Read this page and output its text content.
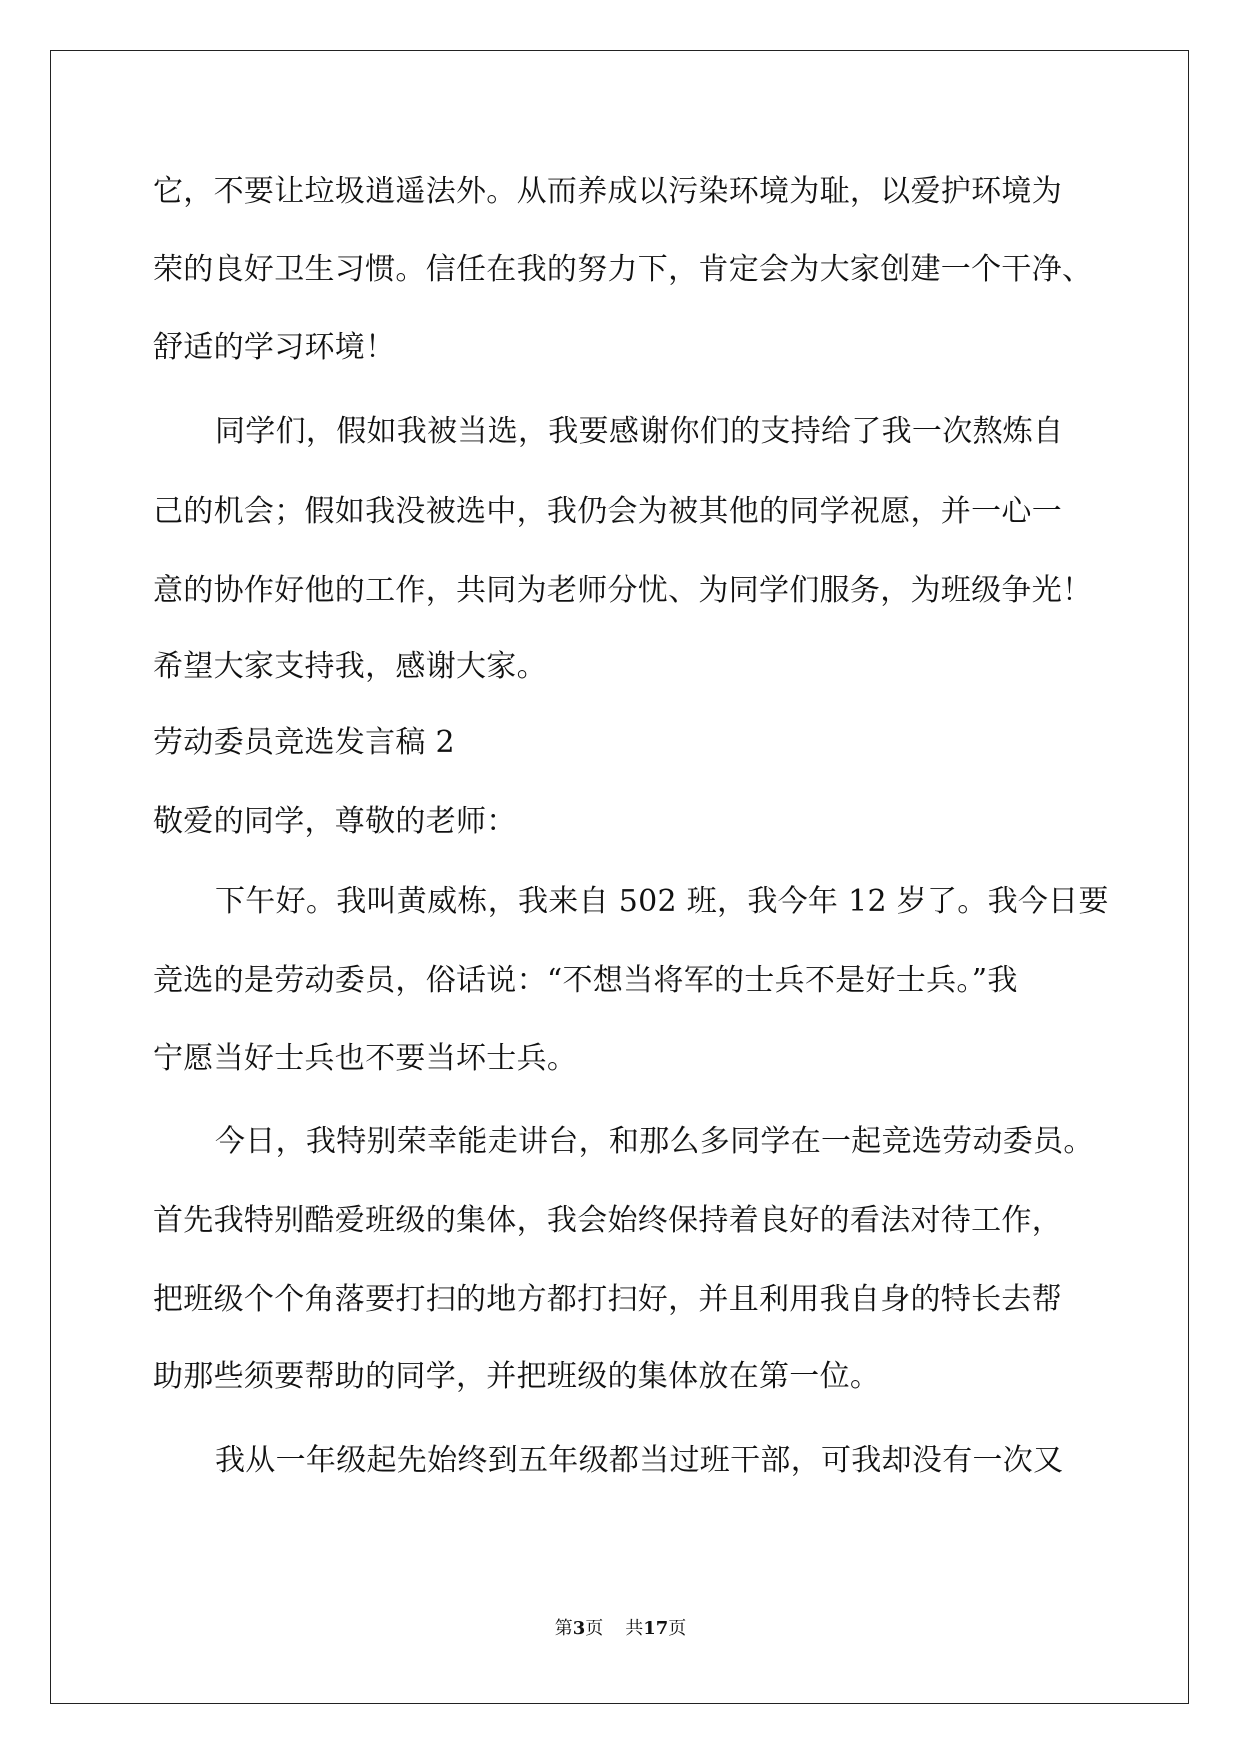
它，不要让垃圾逍遥法外。从而养成以污染环境为耻，以爱护环境为
荣的良好卫生习惯。信任在我的努力下，肯定会为大家创建一个干净、
舒适的学习环境！
同学们，假如我被当选，我要感谢你们的支持给了我一次熬炼自
己的机会；假如我没被选中，我仍会为被其他的同学祝愿，并一心一
意的协作好他的工作，共同为老师分忧、为同学们服务，为班级争光！
希望大家支持我，感谢大家。
劳动委员竞选发言稿 2
敬爱的同学，尊敬的老师：
下午好。我叫黄威栋，我来自 502 班，我今年 12 岁了。我今日要
竞选的是劳动委员，俗话说：“不想当将军的士兵不是好士兵。”我
宁愿当好士兵也不要当坏士兵。
今日，我特别荣幸能走讲台，和那么多同学在一起竞选劳动委员。
首先我特别酷爱班级的集体，我会始终保持着良好的看法对待工作，
把班级个个角落要打扫的地方都打扫好，并且利用我自身的特长去帮
助那些须要帮助的同学，并把班级的集体放在第一位。
我从一年级起先始终到五年级都当过班干部，可我却没有一次又
第3页 共17页
